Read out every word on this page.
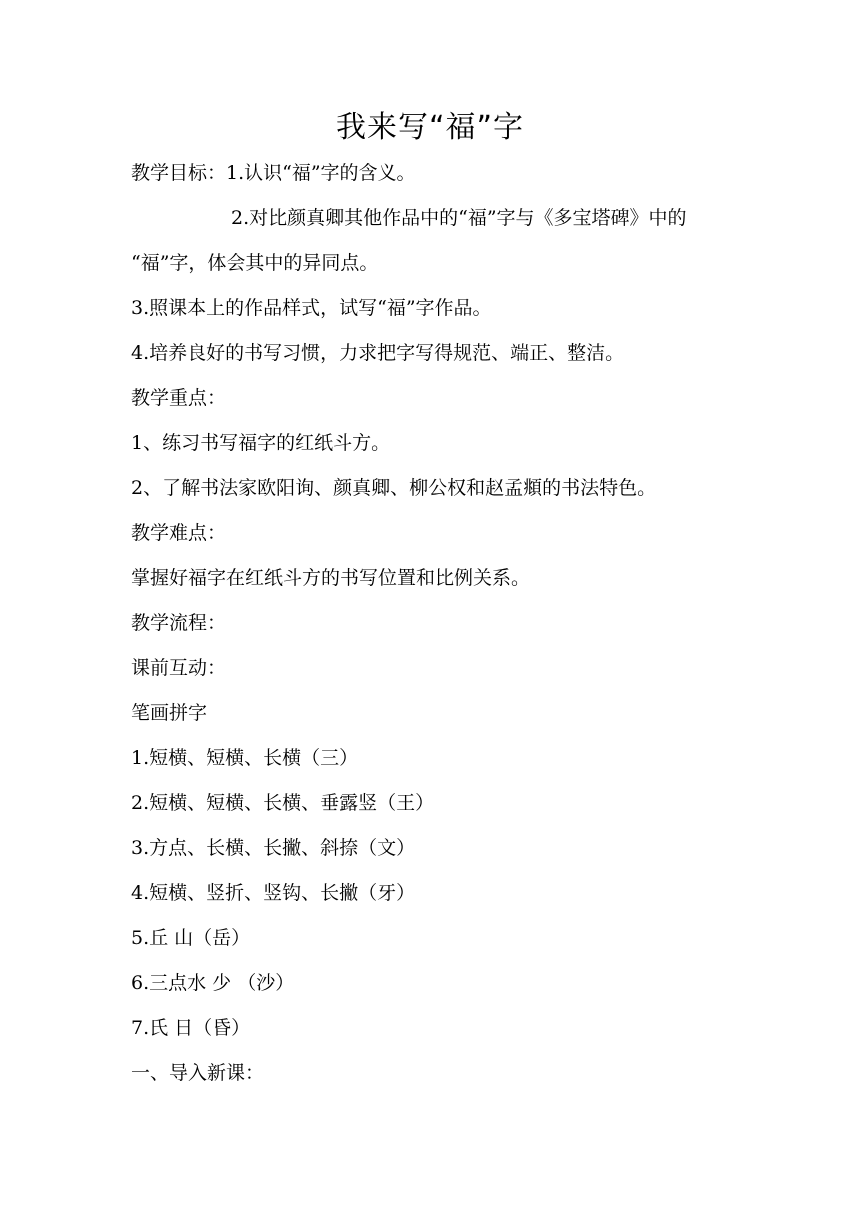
我来写“福”字

教学目标：1.认识“福”字的含义。

2.对比颜真卿其他作品中的“福”字与《多宝塔碑》中的

“福”字，体会其中的异同点。

3.照课本上的作品样式，试写“福”字作品。

4.培养良好的书写习惯，力求把字写得规范、端正、整洁。

教学重点：

1、练习书写福字的红纸斗方。

2、了解书法家欧阳询、颜真卿、柳公权和赵孟頫的书法特色。

教学难点：

掌握好福字在红纸斗方的书写位置和比例关系。

教学流程：

课前互动：

笔画拼字

1.短横、短横、长横（三）

2.短横、短横、长横、垂露竖（王）

3.方点、长横、长撇、斜捺（文）

4.短横、竖折、竖钩、长撇（牙）

5.丘 山（岳）

6.三点水 少 （沙）

7.氏 日（昏）

一、导入新课：
